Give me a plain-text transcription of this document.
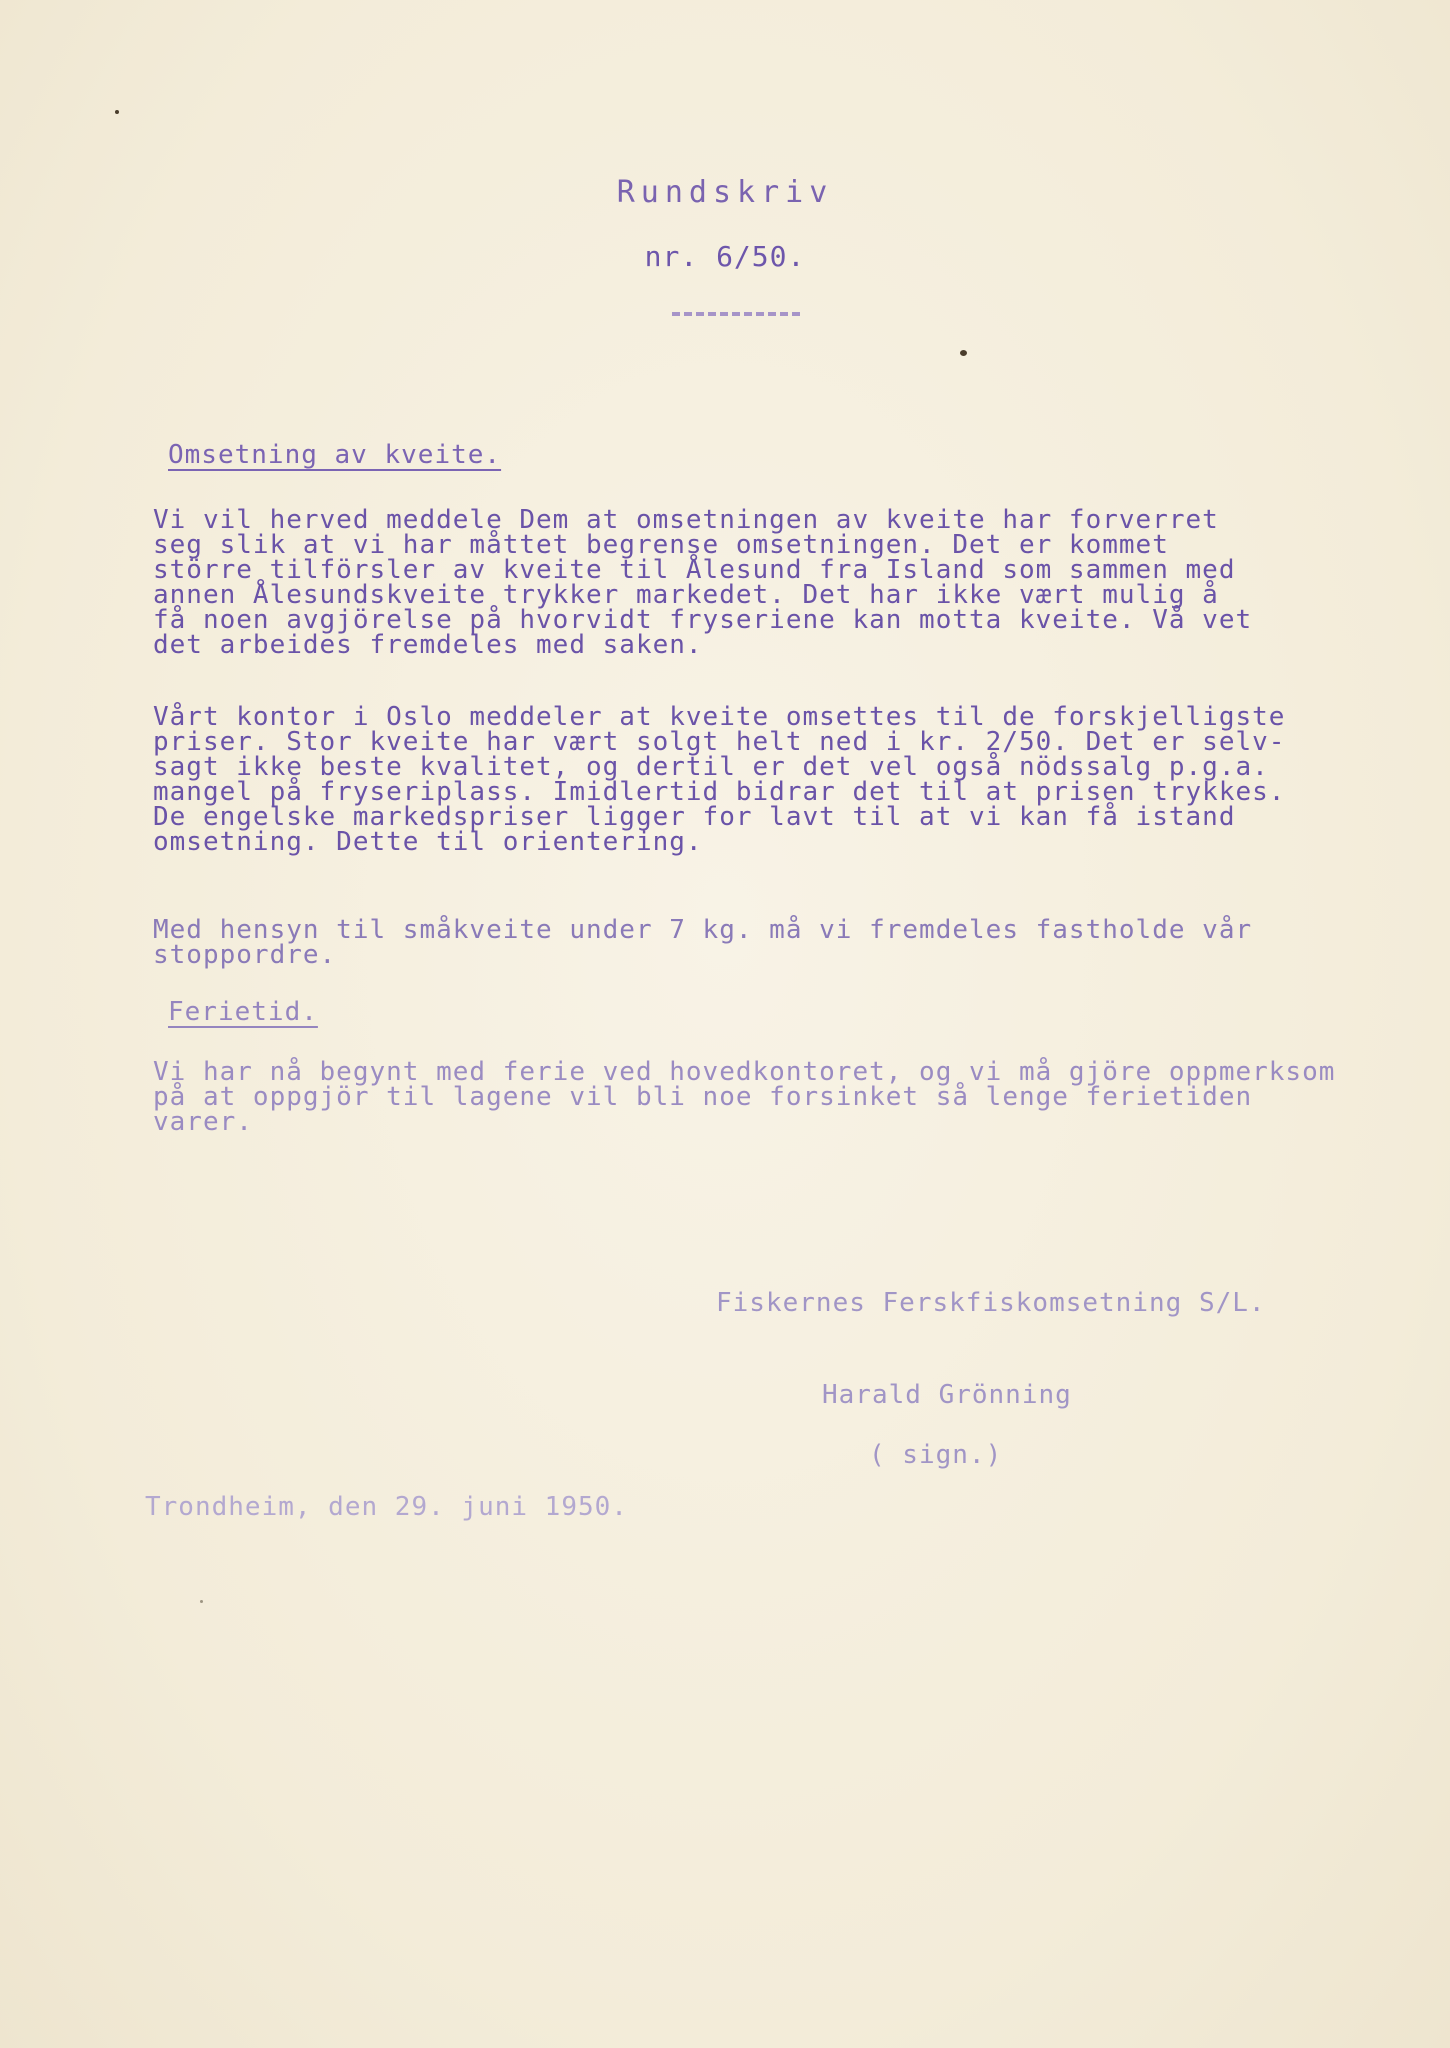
Rundskriv
nr. 6/50.
Omsetning av kveite.
Vi vil herved meddele Dem at omsetningen av kveite har forverret
seg slik at vi har måttet begrense omsetningen. Det er kommet
större tilförsler av kveite til Ålesund fra Island som sammen med
annen Ålesundskveite trykker markedet. Det har ikke vært mulig å
få noen avgjörelse på hvorvidt fryseriene kan motta kveite. Vå vet
det arbeides fremdeles med saken.
Vårt kontor i Oslo meddeler at kveite omsettes til de forskjelligste
priser. Stor kveite har vært solgt helt ned i kr. 2/50. Det er selv-
sagt ikke beste kvalitet, og dertil er det vel også nödssalg p.g.a.
mangel på fryseriplass. Imidlertid bidrar det til at prisen trykkes.
De engelske markedspriser ligger for lavt til at vi kan få istand
omsetning. Dette til orientering.
Med hensyn til småkveite under 7 kg. må vi fremdeles fastholde vår
stoppordre.
Ferietid.
Vi har nå begynt med ferie ved hovedkontoret, og vi må gjöre oppmerksom
på at oppgjör til lagene vil bli noe forsinket så lenge ferietiden
varer.
Fiskernes Ferskfiskomsetning S/L.
Harald Grönning
( sign.)
Trondheim, den 29. juni 1950.
